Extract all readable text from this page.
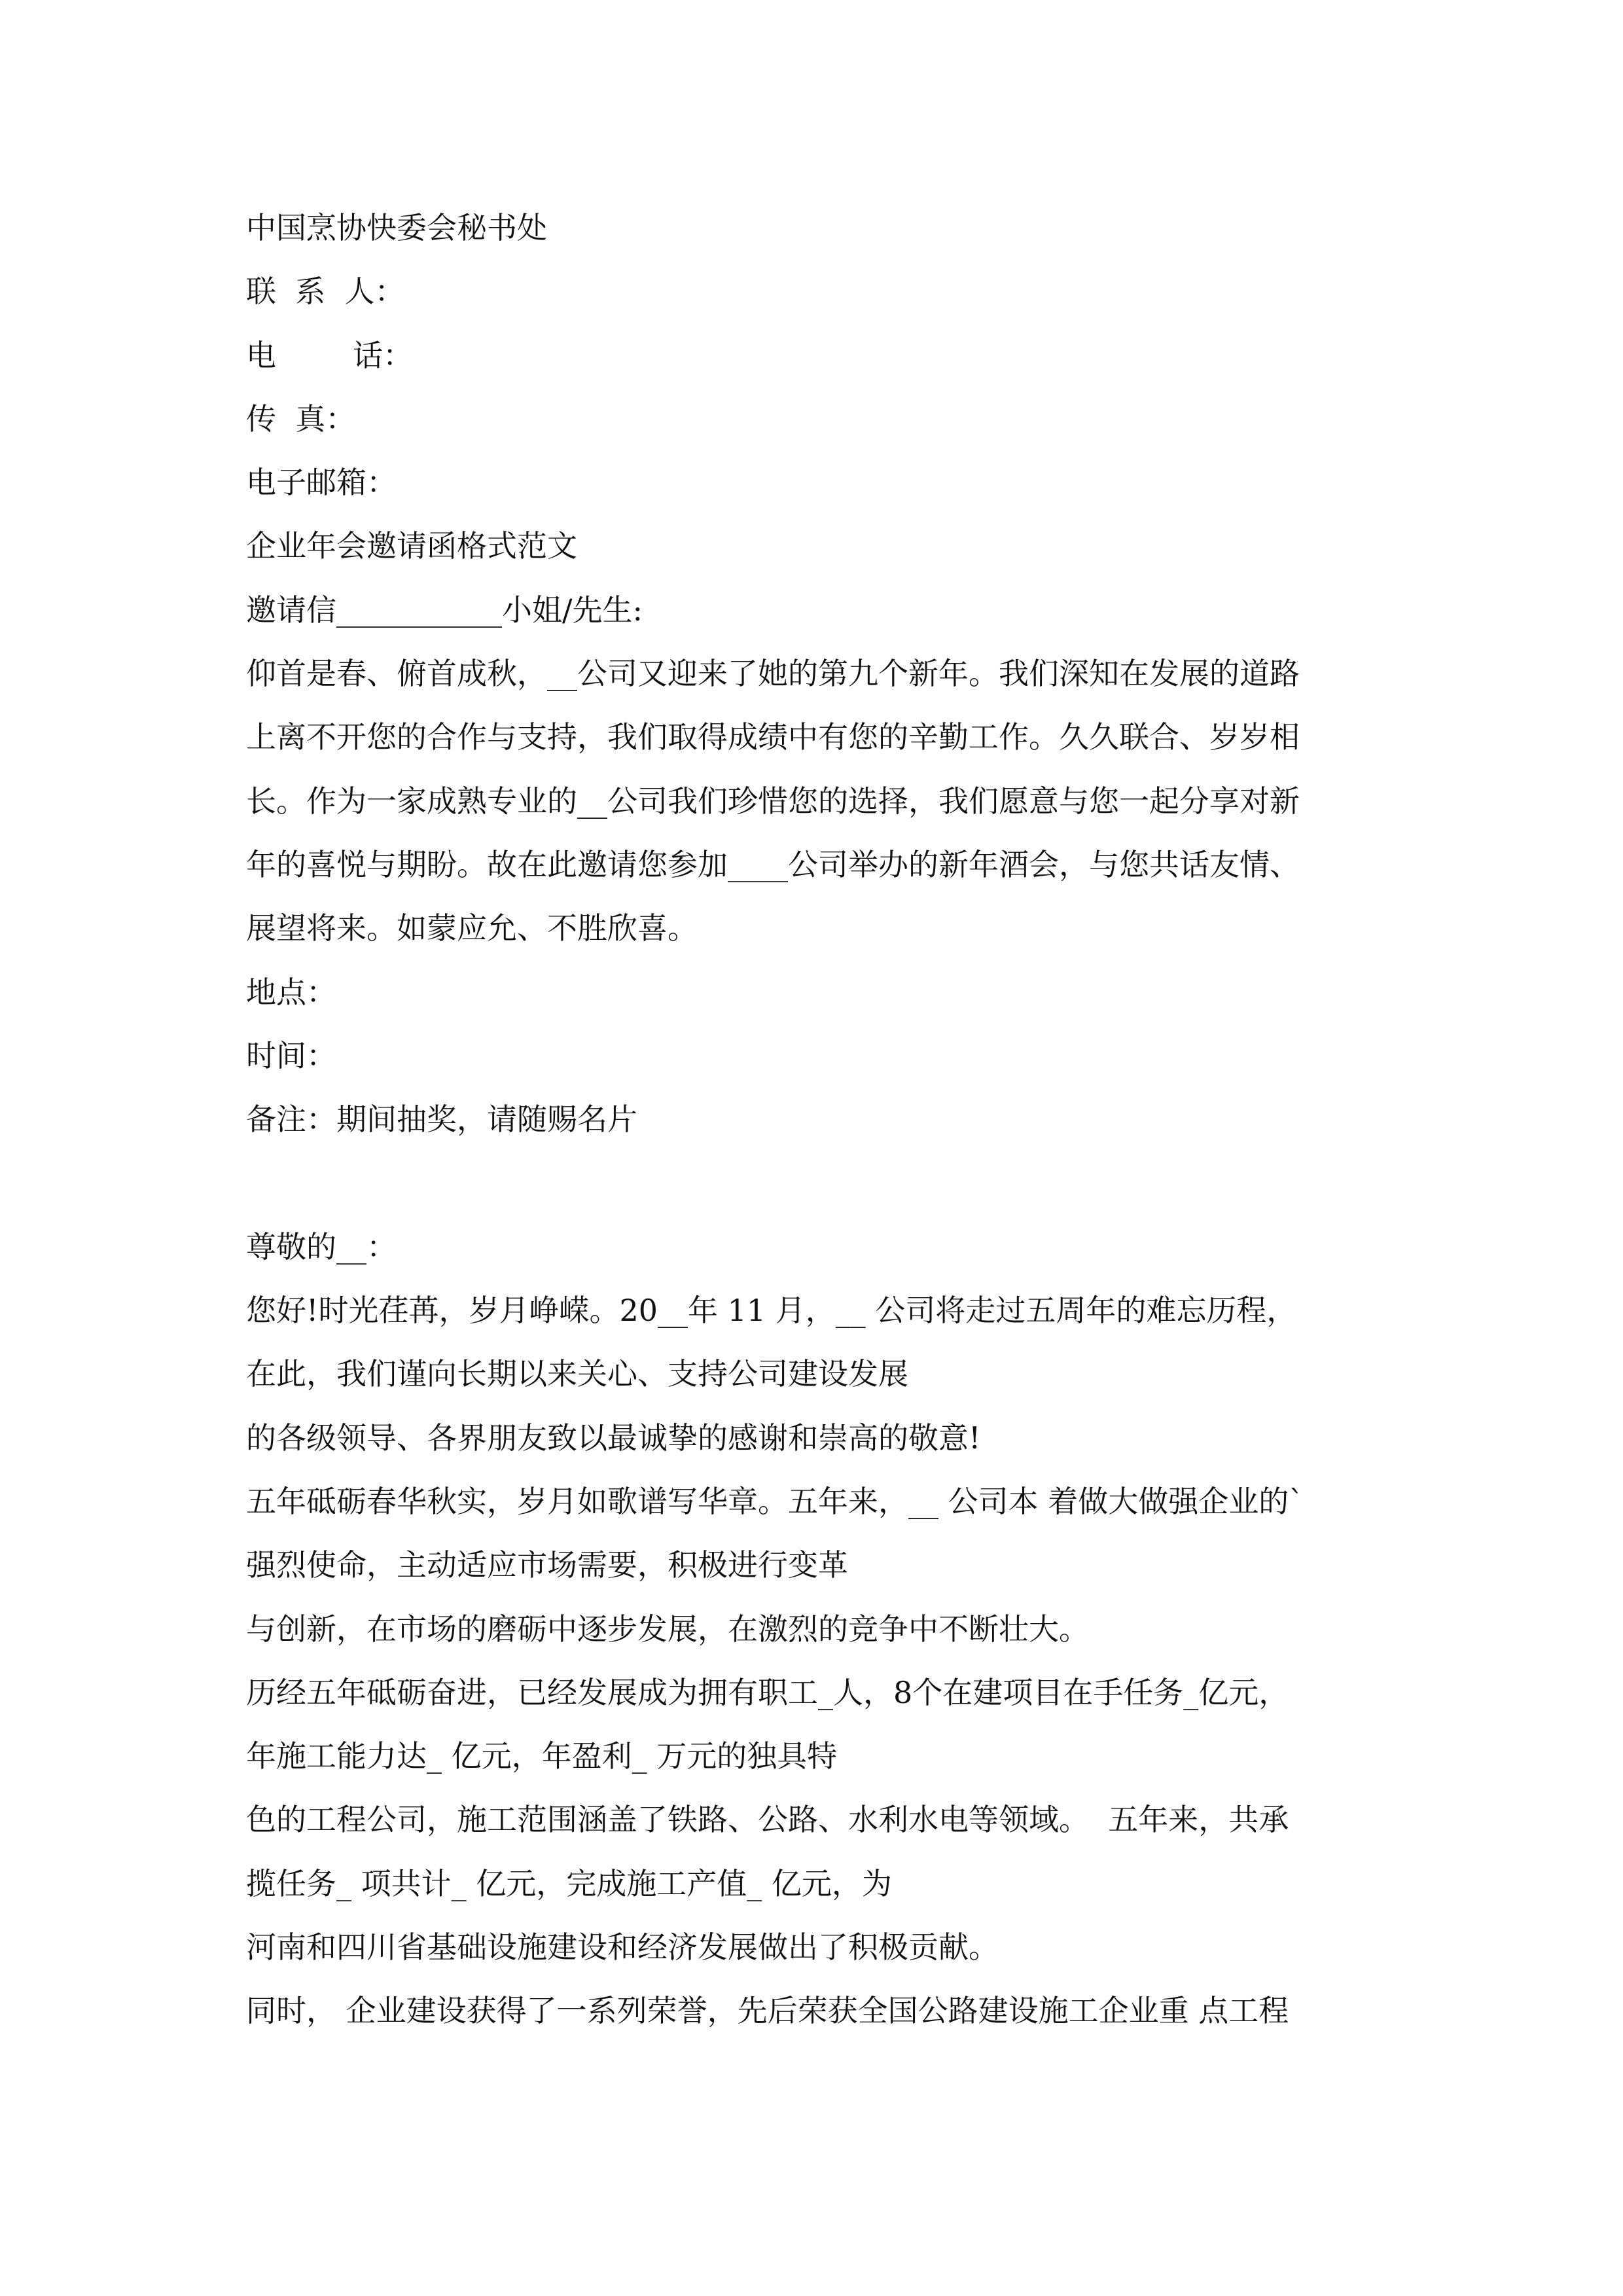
中国烹协快委会秘书处
联  系  人：
电        话：
传  真：
电子邮箱：
企业年会邀请函格式范文
邀请信___________小姐/先生:
仰首是春、俯首成秋，__公司又迎来了她的第九个新年。我们深知在发展的道路
上离不开您的合作与支持，我们取得成绩中有您的辛勤工作。久久联合、岁岁相
长。作为一家成熟专业的__公司我们珍惜您的选择，我们愿意与您一起分享对新
年的喜悦与期盼。故在此邀请您参加____公司举办的新年酒会，与您共话友情、
展望将来。如蒙应允、不胜欣喜。
地点：
时间：
备注：期间抽奖，请随赐名片
尊敬的__：
您好!时光荏苒，岁月峥嵘。20__年 11 月，__ 公司将走过五周年的难忘历程，
在此，我们谨向长期以来关心、支持公司建设发展
的各级领导、各界朋友致以最诚挚的感谢和崇高的敬意!
五年砥砺春华秋实，岁月如歌谱写华章。五年来，__ 公司本 着做大做强企业的`
强烈使命，主动适应市场需要，积极进行变革
与创新，在市场的磨砺中逐步发展，在激烈的竞争中不断壮大。
历经五年砥砺奋进，已经发展成为拥有职工_人，8个在建项目在手任务_亿元，
年施工能力达_ 亿元，年盈利_ 万元的独具特
色的工程公司，施工范围涵盖了铁路、公路、水利水电等领域。  五年来，共承
揽任务_ 项共计_ 亿元，完成施工产值_ 亿元，为
河南和四川省基础设施建设和经济发展做出了积极贡献。
同时， 企业建设获得了一系列荣誉，先后荣获全国公路建设施工企业重 点工程
